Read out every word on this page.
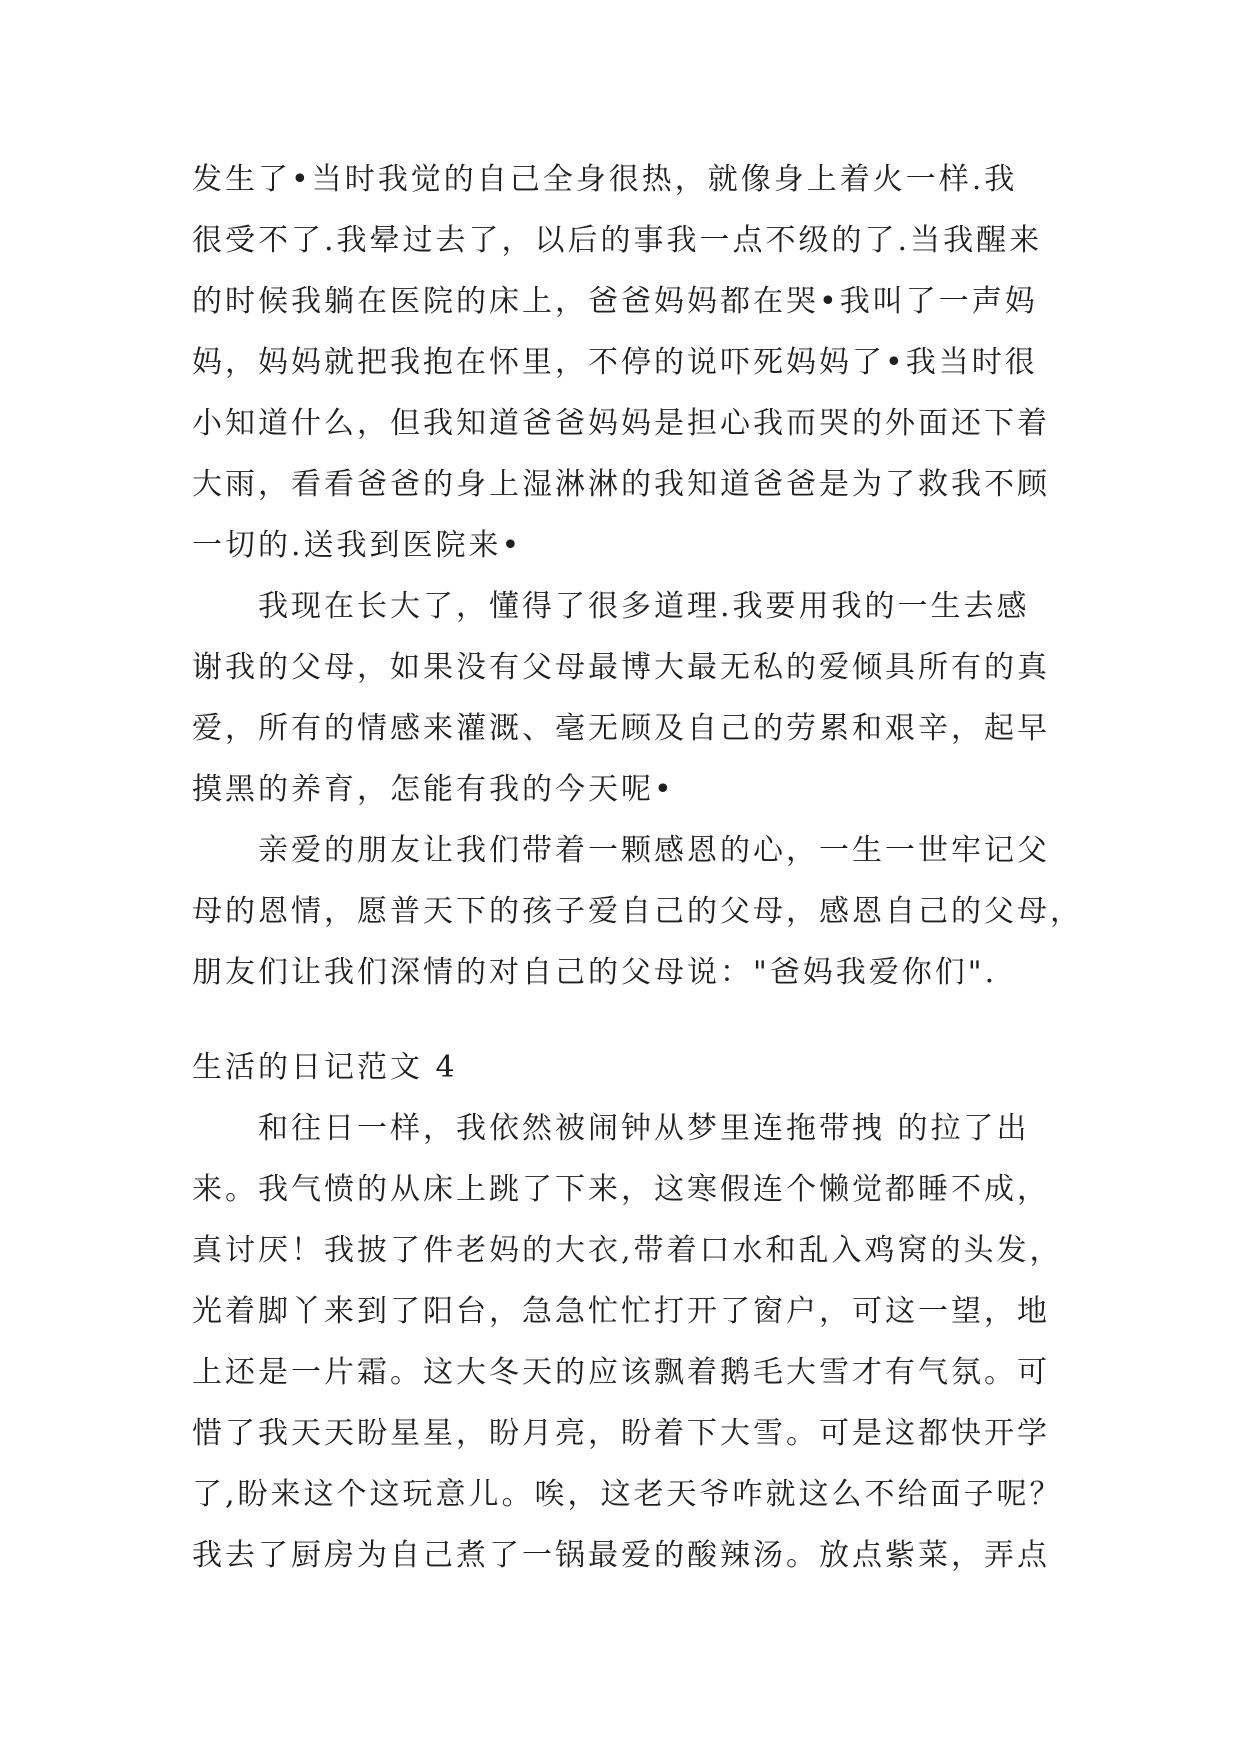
发生了•当时我觉的自己全身很热，就像身上着火一样.我
很受不了.我晕过去了，以后的事我一点不级的了.当我醒来
的时候我躺在医院的床上，爸爸妈妈都在哭•我叫了一声妈
妈，妈妈就把我抱在怀里，不停的说吓死妈妈了•我当时很
小知道什么，但我知道爸爸妈妈是担心我而哭的外面还下着
大雨，看看爸爸的身上湿淋淋的我知道爸爸是为了救我不顾
一切的.送我到医院来•
　　我现在长大了，懂得了很多道理.我要用我的一生去感
谢我的父母，如果没有父母最博大最无私的爱倾具所有的真
爱，所有的情感来灌溉、毫无顾及自己的劳累和艰辛，起早
摸黑的养育，怎能有我的今天呢•
　　亲爱的朋友让我们带着一颗感恩的心，一生一世牢记父
母的恩情，愿普天下的孩子爱自己的父母，感恩自己的父母，
朋友们让我们深情的对自己的父母说："爸妈我爱你们".
生活的日记范文 4
　　和往日一样，我依然被闹钟从梦里连拖带拽 的拉了出
来。我气愤的从床上跳了下来，这寒假连个懒觉都睡不成，
真讨厌！我披了件老妈的大衣,带着口水和乱入鸡窝的头发，
光着脚丫来到了阳台，急急忙忙打开了窗户，可这一望，地
上还是一片霜。这大冬天的应该飘着鹅毛大雪才有气氛。可
惜了我天天盼星星，盼月亮，盼着下大雪。可是这都快开学
了,盼来这个这玩意儿。唉，这老天爷咋就这么不给面子呢？
我去了厨房为自己煮了一锅最爱的酸辣汤。放点紫菜，弄点
